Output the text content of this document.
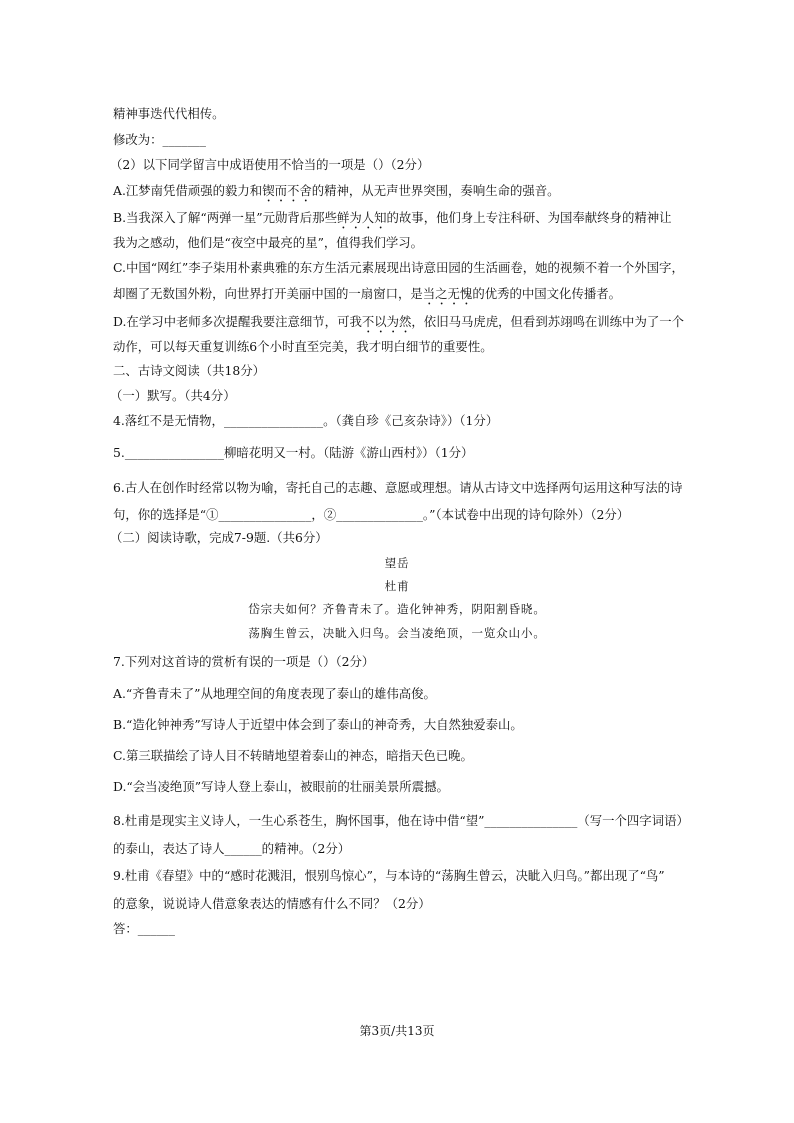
精神事迭代代相传。
修改为：_______
（2）以下同学留言中成语使用不恰当的一项是（）（2分）
A.江梦南凭借顽强的毅力和锲而不舍的精神，从无声世界突围，奏响生命的强音。
B.当我深入了解“两弹一星”元勋背后那些鲜为人知的故事，他们身上专注科研、为国奉献终身的精神让
我为之感动，他们是“夜空中最亮的星”，值得我们学习。
C.中国“网红”李子柒用朴素典雅的东方生活元素展现出诗意田园的生活画卷，她的视频不着一个外国字，
却圈了无数国外粉，向世界打开美丽中国的一扇窗口，是当之无愧的优秀的中国文化传播者。
D.在学习中老师多次提醒我要注意细节，可我不以为然，依旧马马虎虎，但看到苏翊鸣在训练中为了一个
动作，可以每天重复训练6个小时直至完美，我才明白细节的重要性。
二、古诗文阅读（共18分）
（一）默写。（共4分）
4.落红不是无情物，________________。（龚自珍《己亥杂诗》）（1分）
5.________________柳暗花明又一村。（陆游《游山西村》）（1分）
6.古人在创作时经常以物为喻，寄托自己的志趣、意愿或理想。请从古诗文中选择两句运用这种写法的诗
句，你的选择是“①_______________，②______________。”（本试卷中出现的诗句除外）（2分）
（二）阅读诗歌，完成7-9题.（共6分）
望岳
杜甫
岱宗夫如何？齐鲁青未了。造化钟神秀，阴阳割昏晓。
荡胸生曾云，决眦入归鸟。会当凌绝顶，一览众山小。
7.下列对这首诗的赏析有误的一项是（）（2分）
A.“齐鲁青未了”从地理空间的角度表现了泰山的雄伟高俊。
B.“造化钟神秀”写诗人于近望中体会到了泰山的神奇秀，大自然独爱泰山。
C.第三联描绘了诗人目不转睛地望着泰山的神态，暗指天色已晚。
D.“会当凌绝顶”写诗人登上泰山，被眼前的壮丽美景所震撼。
8.杜甫是现实主义诗人，一生心系苍生，胸怀国事，他在诗中借“望”_______________（写一个四字词语）
的泰山，表达了诗人______的精神。（2分）
9.杜甫《春望》中的“感时花溅泪，恨别鸟惊心”，与本诗的“荡胸生曾云，决眦入归鸟。”都出现了“鸟”
的意象，说说诗人借意象表达的情感有什么不同？（2分）
答：______
第3页/共13页
